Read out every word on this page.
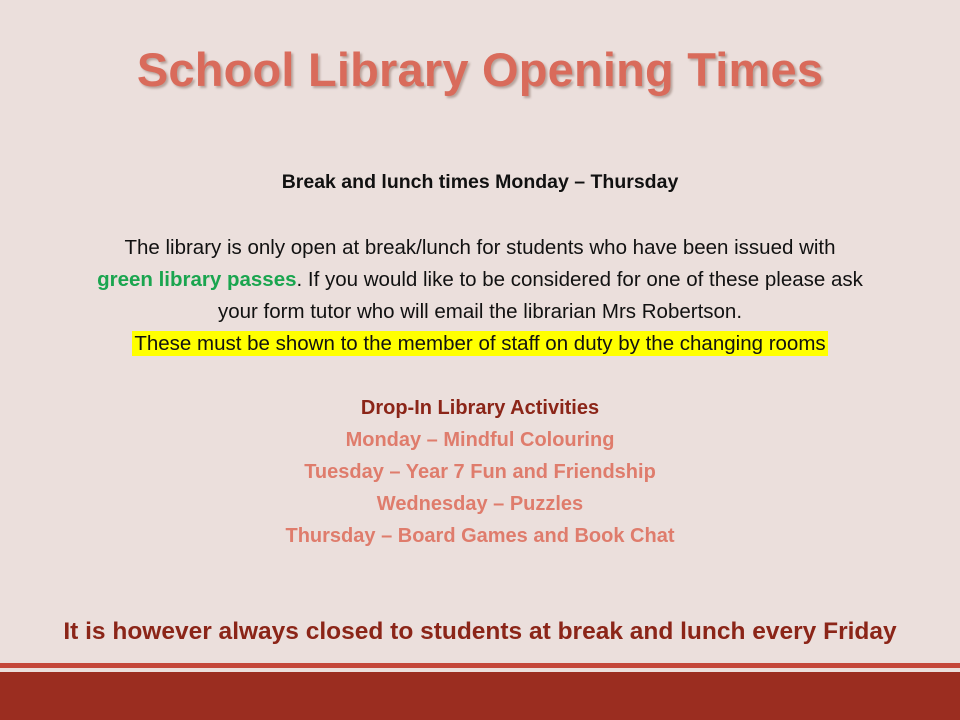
School Library Opening Times
Break and lunch times Monday – Thursday
The library is only open at break/lunch for students who have been issued with
green library passes. If you would like to be considered for one of these please ask
your form tutor who will email the librarian Mrs Robertson.
These must be shown to the member of staff on duty by the changing rooms
Drop-In Library Activities
Monday – Mindful Colouring
Tuesday – Year 7 Fun and Friendship
Wednesday – Puzzles
Thursday – Board Games and Book Chat
It is however always closed to students at break and lunch every Friday
